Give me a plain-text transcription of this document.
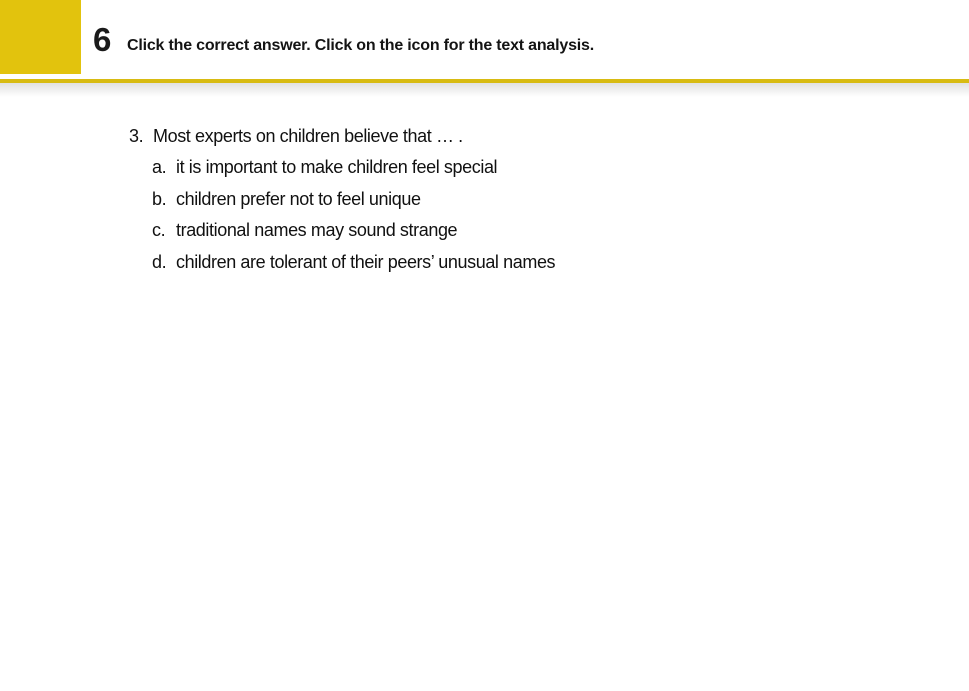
6 Click the correct answer. Click on the icon for the text analysis.
3. Most experts on children believe that … .
a. it is important to make children feel special
b. children prefer not to feel unique
c. traditional names may sound strange
d. children are tolerant of their peers’ unusual names
